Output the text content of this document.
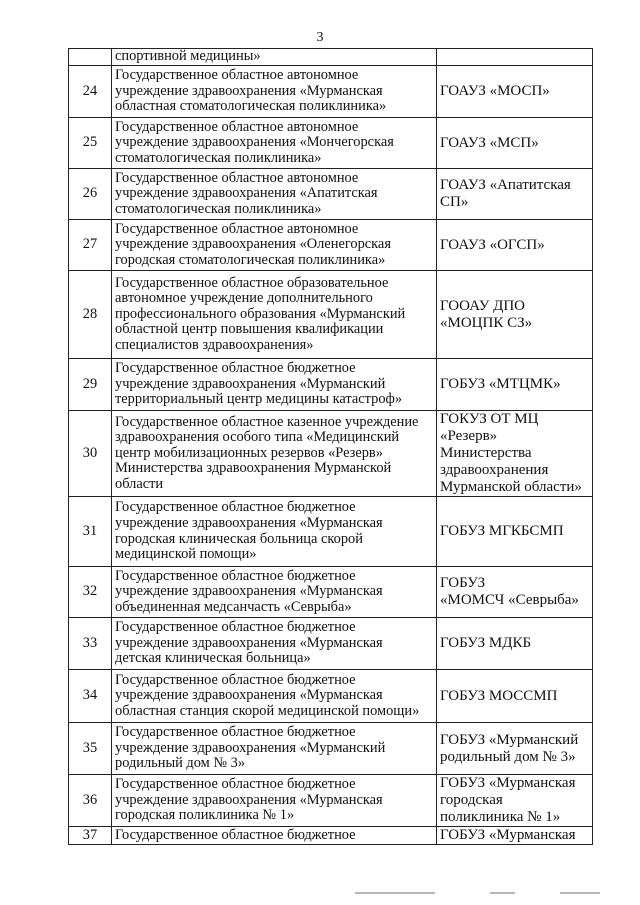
3

	спортивной медицины»	

24	Государственное областное автономное
учреждение здравоохранения «Мурманская
областная стоматологическая поликлиника»	ГОАУЗ «МОСП»
25	Государственное областное автономное
учреждение здравоохранения «Мончегорская
стоматологическая поликлиника»	ГОАУЗ «МСП»
26	Государственное областное автономное
учреждение здравоохранения «Апатитская
стоматологическая поликлиника»	ГОАУЗ «Апатитская
СП»
27	Государственное областное автономное
учреждение здравоохранения «Оленегорская
городская стоматологическая поликлиника»	ГОАУЗ «ОГСП»
28	Государственное областное образовательное
автономное учреждение дополнительного
профессионального образования «Мурманский
областной центр повышения квалификации
специалистов здравоохранения»	ГООАУ ДПО
«МОЦПК СЗ»
29	Государственное областное бюджетное
учреждение здравоохранения «Мурманский
территориальный центр медицины катастроф»	ГОБУЗ «МТЦМК»
30	Государственное областное казенное учреждение
здравоохранения особого типа «Медицинский
центр мобилизационных резервов «Резерв»
Министерства здравоохранения Мурманской
области	ГОКУЗ ОТ МЦ
«Резерв»
Министерства
здравоохранения
Мурманской области»
31	Государственное областное бюджетное
учреждение здравоохранения «Мурманская
городская клиническая больница скорой
медицинской помощи»	ГОБУЗ МГКБСМП
32	Государственное областное бюджетное
учреждение здравоохранения «Мурманская
объединенная медсанчасть «Севрыба»	ГОБУЗ
«МОМСЧ «Севрыба»
33	Государственное областное бюджетное
учреждение здравоохранения «Мурманская
детская клиническая больница»	ГОБУЗ МДКБ
34	Государственное областное бюджетное
учреждение здравоохранения «Мурманская
областная станция скорой медицинской помощи»	ГОБУЗ МОССМП
35	Государственное областное бюджетное
учреждение здравоохранения «Мурманский
родильный дом № 3»	ГОБУЗ «Мурманский
родильный дом № 3»
36	Государственное областное бюджетное
учреждение здравоохранения «Мурманская
городская поликлиника № 1»	ГОБУЗ «Мурманская
городская
поликлиника № 1»
37	Государственное областное бюджетное	ГОБУЗ «Мурманская
